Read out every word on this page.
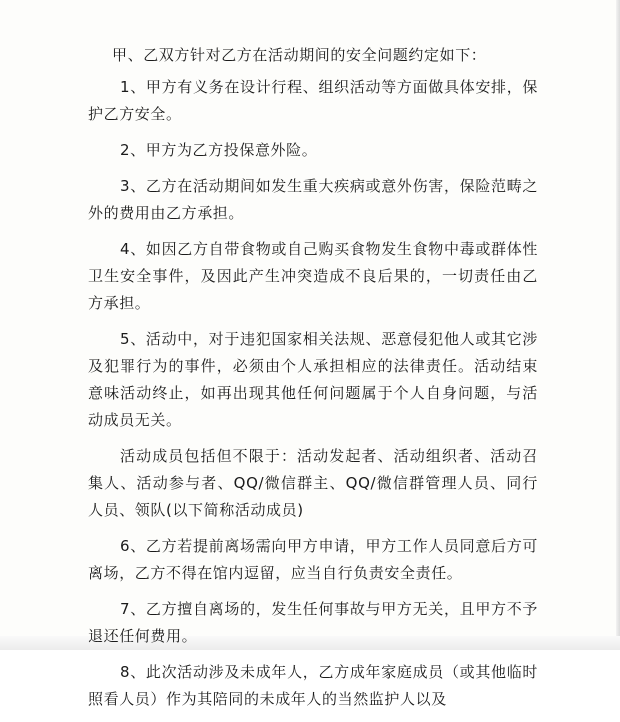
甲、乙双方针对乙方在活动期间的安全问题约定如下：

1、甲方有义务在设计行程、组织活动等方面做具体安排，保护乙方安全。

2、甲方为乙方投保意外险。

3、乙方在活动期间如发生重大疾病或意外伤害，保险范畴之外的费用由乙方承担。

4、如因乙方自带食物或自己购买食物发生食物中毒或群体性卫生安全事件，及因此产生冲突造成不良后果的，一切责任由乙方承担。

5、活动中，对于违犯国家相关法规、恶意侵犯他人或其它涉及犯罪行为的事件，必须由个人承担相应的法律责任。活动结束意味活动终止，如再出现其他任何问题属于个人自身问题，与活动成员无关。

活动成员包括但不限于：活动发起者、活动组织者、活动召集人、活动参与者、QQ/微信群主、QQ/微信群管理人员、同行人员、领队(以下简称活动成员)

6、乙方若提前离场需向甲方申请，甲方工作人员同意后方可离场，乙方不得在馆内逗留，应当自行负责安全责任。

7、乙方擅自离场的，发生任何事故与甲方无关，且甲方不予退还任何费用。

8、此次活动涉及未成年人，乙方成年家庭成员（或其他临时照看人员）作为其陪同的未成年人的当然监护人以及
